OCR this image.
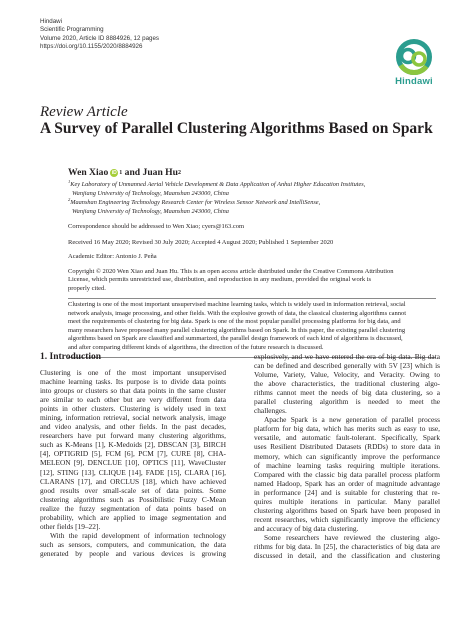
Hindawi
Scientific Programming
Volume 2020, Article ID 8884926, 12 pages
https://doi.org/10.1155/2020/8884926
Hindawi
Review Article
A Survey of Parallel Clustering Algorithms Based on Spark
Wen Xiao iD 1 and Juan Hu 2
$^1$Key Laboratory of Unmanned Aerial Vehicle Development & Data Application of Anhui Higher Education Institutes,
Wanjiang University of Technology, Maanshan 243000, China
$^2$Maanshan Engineering Technology Research Center for Wireless Sensor Network and IntelliSense,
Wanjiang University of Technology, Maanshan 243000, China
Correspondence should be addressed to Wen Xiao; cyers@163.com
Received 16 May 2020; Revised 30 July 2020; Accepted 4 August 2020; Published 1 September 2020
Academic Editor: Antonio J. Peña
Copyright © 2020 Wen Xiao and Juan Hu. This is an open access article distributed under the Creative Commons Attribution
License, which permits unrestricted use, distribution, and reproduction in any medium, provided the original work is
properly cited.
Clustering is one of the most important unsupervised machine learning tasks, which is widely used in information retrieval, social
network analysis, image processing, and other fields. With the explosive growth of data, the classical clustering algorithms cannot
meet the requirements of clustering for big data. Spark is one of the most popular parallel processing platforms for big data, and
many researchers have proposed many parallel clustering algorithms based on Spark. In this paper, the existing parallel clustering
algorithms based on Spark are classified and summarized, the parallel design framework of each kind of algorithms is discussed,
and after comparing different kinds of algorithms, the direction of the future research is discussed.
1. Introduction

Clustering is one of the most important unsupervised
machine learning tasks. Its purpose is to divide data points
into groups or clusters so that data points in the same cluster
are similar to each other but are very different from data
points in other clusters. Clustering is widely used in text
mining, information retrieval, social network analysis, image
and video analysis, and other fields. In the past decades,
researchers have put forward many clustering algorithms,
such as K-Means [1], K-Medoids [2], DBSCAN [3], BIRCH
[4], OPTIGRID [5], FCM [6], PCM [7], CURE [8], CHA-
MELEON [9], DENCLUE [10], OPTICS [11], WaveCluster
[12], STING [13], CLIQUE [14], FADE [15], CLARA [16],
CLARANS [17], and ORCLUS [18], which have achieved
good results over small-scale set of data points. Some
clustering algorithms such as Possibilistic Fuzzy C-Mean
realize the fuzzy segmentation of data points based on
probability, which are applied to image segmentation and
other fields [19–22].

With the rapid development of information technology
such as sensors, computers, and communication, the data
generated by people and various devices is growing

explosively, and we have entered the era of big data. Big data
can be defined and described generally with 5V [23] which is
Volume, Variety, Value, Velocity, and Veracity. Owing to
the above characteristics, the traditional clustering algo-
rithms cannot meet the needs of big data clustering, so a
parallel clustering algorithm is needed to meet the
challenges.

Apache Spark is a new generation of parallel process
platform for big data, which has merits such as easy to use,
versatile, and automatic fault-tolerant. Specifically, Spark
uses Resilient Distributed Datasets (RDDs) to store data in
memory, which can significantly improve the performance
of machine learning tasks requiring multiple iterations.
Compared with the classic big data parallel process platform
named Hadoop, Spark has an order of magnitude advantage
in performance [24] and is suitable for clustering that re-
quires multiple iterations in particular. Many parallel
clustering algorithms based on Spark have been proposed in
recent researches, which significantly improve the efficiency
and accuracy of big data clustering.

Some researchers have reviewed the clustering algo-
rithms for big data. In [25], the characteristics of big data are
discussed in detail, and the classification and clustering
